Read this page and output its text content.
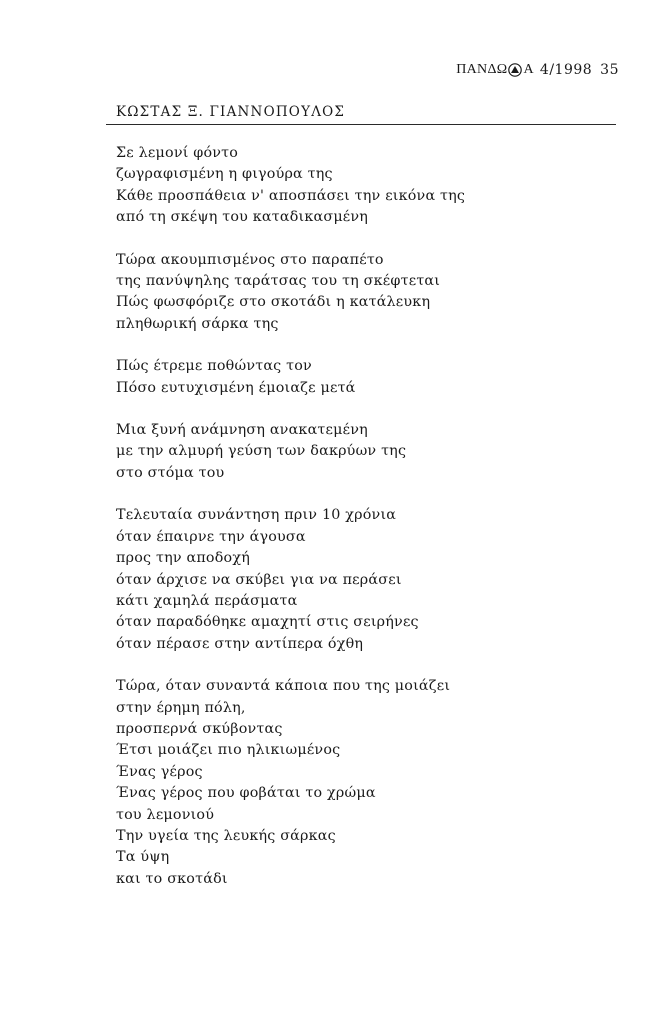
ΠΑΝΔΩ Α 4/1998 35
ΚΩΣΤΑΣ Ξ. ΓΙΑΝΝΟΠΟΥΛΟΣ
Σε λεμονί φόντο
ζωγραφισμένη η φιγούρα της
Κάθε προσπάθεια ν' αποσπάσει την εικόνα της
από τη σκέψη του καταδικασμένη
Τώρα ακουμπισμένος στο παραπέτο
της πανύψηλης ταράτσας του τη σκέφτεται
Πώς φωσφόριζε στο σκοτάδι η κατάλευκη
πληθωρική σάρκα της
Πώς έτρεμε ποθώντας τον
Πόσο ευτυχισμένη έμοιαζε μετά
Μια ξυνή ανάμνηση ανακατεμένη
με την αλμυρή γεύση των δακρύων της
στο στόμα του
Τελευταία συνάντηση πριν 10 χρόνια
όταν έπαιρνε την άγουσα
προς την αποδοχή
όταν άρχισε να σκύβει για να περάσει
κάτι χαμηλά περάσματα
όταν παραδόθηκε αμαχητί στις σειρήνες
όταν πέρασε στην αντίπερα όχθη
Τώρα, όταν συναντά κάποια που της μοιάζει
στην έρημη πόλη,
προσπερνά σκύβοντας
Έτσι μοιάζει πιο ηλικιωμένος
Ένας γέρος
Ένας γέρος που φοβάται το χρώμα
του λεμονιού
Την υγεία της λευκής σάρκας
Τα ύψη
και το σκοτάδι
